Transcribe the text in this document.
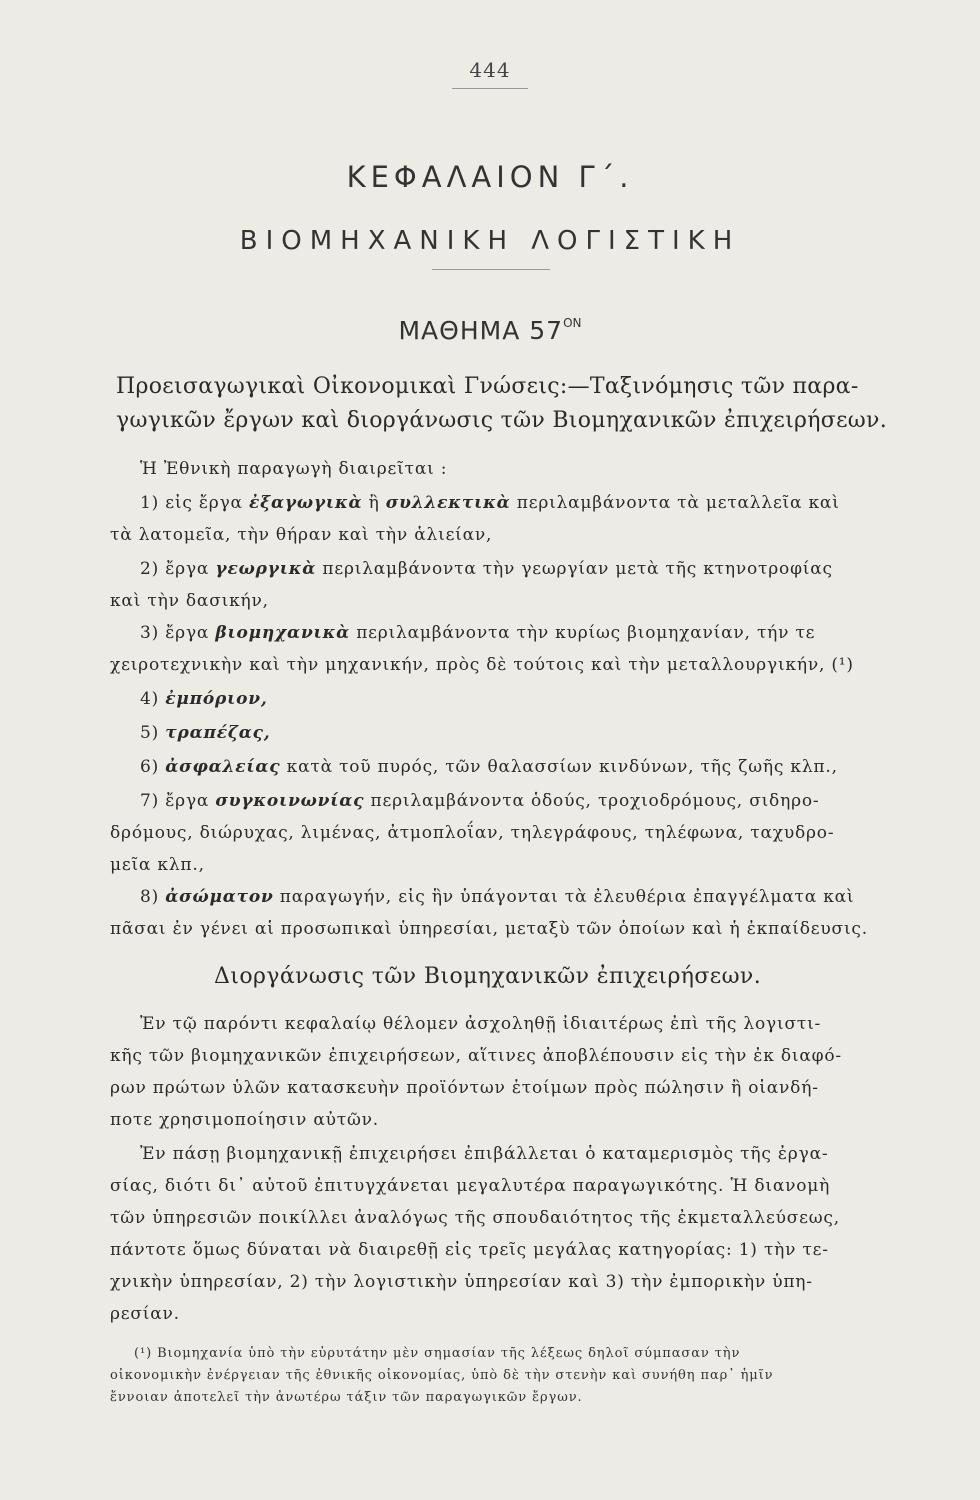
444
ΚΕΦΑΛΑΙΟΝ Γ΄.
ΒΙΟΜΗΧΑΝΙΚΗ ΛΟΓΙΣΤΙΚΗ
ΜΑΘΗΜΑ $57^{ON}$
Προεισαγωγικαὶ Οἰκονομικαὶ Γνώσεις:—Ταξινόμησις τῶν παρα-
γωγικῶν ἔργων καὶ διοργάνωσις τῶν Βιομηχανικῶν ἐπιχειρήσεων.
Ἡ Ἐθνικὴ παραγωγὴ διαιρεῖται :
1) εἰς ἔργα ἐξαγωγικὰ ἢ συλλεκτικὰ περιλαμβάνοντα τὰ μεταλλεῖα καὶ
τὰ λατομεῖα, τὴν θήραν καὶ τὴν ἁλιείαν,
2) ἔργα γεωργικὰ περιλαμβάνοντα τὴν γεωργίαν μετὰ τῆς κτηνοτροφίας
καὶ τὴν δασικήν,
3) ἔργα βιομηχανικὰ περιλαμβάνοντα τὴν κυρίως βιομηχανίαν, τήν τε
χειροτεχνικὴν καὶ τὴν μηχανικήν, πρὸς δὲ τούτοις καὶ τὴν μεταλλουργικήν, (¹)
4) ἐμπόριον,
5) τραπέζας,
6) ἀσφαλείας κατὰ τοῦ πυρός, τῶν θαλασσίων κινδύνων, τῆς ζωῆς κλπ.,
7) ἔργα συγκοινωνίας περιλαμβάνοντα ὁδούς, τροχιοδρόμους, σιδηρο-
δρόμους, διώρυχας, λιμένας, ἀτμοπλοΐαν, τηλεγράφους, τηλέφωνα, ταχυδρο-
μεῖα κλπ.,
8) ἀσώματον παραγωγήν, εἰς ἣν ὑπάγονται τὰ ἐλευθέρια ἐπαγγέλματα καὶ
πᾶσαι ἐν γένει αἱ προσωπικαὶ ὑπηρεσίαι, μεταξὺ τῶν ὁποίων καὶ ἡ ἐκπαίδευσις.
Διοργάνωσις τῶν Βιομηχανικῶν ἐπιχειρήσεων.
Ἐν τῷ παρόντι κεφαλαίῳ θέλομεν ἀσχοληθῇ ἰδιαιτέρως ἐπὶ τῆς λογιστι-
κῆς τῶν βιομηχανικῶν ἐπιχειρήσεων, αἵτινες ἀποβλέπουσιν εἰς τὴν ἐκ διαφό-
ρων πρώτων ὑλῶν κατασκευὴν προϊόντων ἑτοίμων πρὸς πώλησιν ἢ οἱανδή-
ποτε χρησιμοποίησιν αὐτῶν.
Ἐν πάσῃ βιομηχανικῇ ἐπιχειρήσει ἐπιβάλλεται ὁ καταμερισμὸς τῆς ἐργα-
σίας, διότι δι᾽ αὐτοῦ ἐπιτυγχάνεται μεγαλυτέρα παραγωγικότης. Ἡ διανομὴ
τῶν ὑπηρεσιῶν ποικίλλει ἀναλόγως τῆς σπουδαιότητος τῆς ἐκμεταλλεύσεως,
πάντοτε ὅμως δύναται νὰ διαιρεθῇ εἰς τρεῖς μεγάλας κατηγορίας: 1) τὴν τε-
χνικὴν ὑπηρεσίαν, 2) τὴν λογιστικὴν ὑπηρεσίαν καὶ 3) τὴν ἐμπορικὴν ὑπη-
ρεσίαν.
(¹) Βιομηχανία ὑπὸ τὴν εὐρυτάτην μὲν σημασίαν τῆς λέξεως δηλοῖ σύμπασαν τὴν
οἰκονομικὴν ἐνέργειαν τῆς ἐθνικῆς οἰκονομίας, ὑπὸ δὲ τὴν στενὴν καὶ συνήθη παρ᾽ ἡμῖν
ἔννοιαν ἀποτελεῖ τὴν ἀνωτέρω τάξιν τῶν παραγωγικῶν ἔργων.
